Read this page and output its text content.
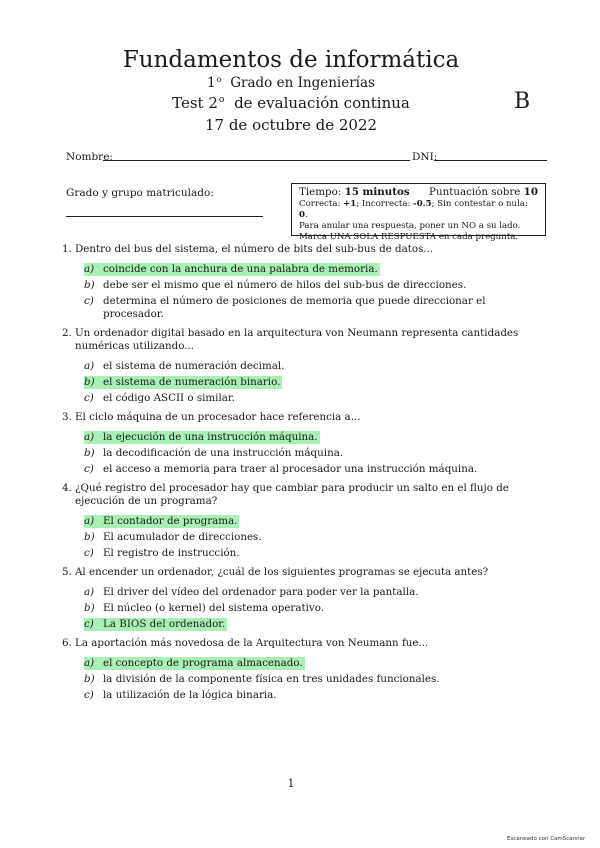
Fundamentos de informática
1$^o$ Grado en Ingenierías
Test 2$^o$ de evaluación continua
17 de octubre de 2022
B
Nombre:	DNI:
Grado y grupo matriculado:	Tiempo: 15 minutos Puntuación sobre 10
Correcta: +1; Incorrecta: -0.5; Sin contestar o nula: 0.
Para anular una respuesta, poner un NO a su lado.
Marca UNA SOLA RESPUESTA en cada pregunta.
1. Dentro del bus del sistema, el número de bits del sub-bus de datos...
a) coincide con la anchura de una palabra de memoria.
b) debe ser el mismo que el número de hilos del sub-bus de direcciones.
c) determina el número de posiciones de memoria que puede direccionar el procesador.
2. Un ordenador digital basado en la arquitectura von Neumann representa cantidades numéricas utilizando...
a) el sistema de numeración decimal.
b) el sistema de numeración binario.
c) el código ASCII o similar.
3. El ciclo máquina de un procesador hace referencia a...
a) la ejecución de una instrucción máquina.
b) la decodificación de una instrucción máquina.
c) el acceso a memoria para traer al procesador una instrucción máquina.
4. ¿Qué registro del procesador hay que cambiar para producir un salto en el flujo de ejecución de un programa?
a) El contador de programa.
b) El acumulador de direcciones.
c) El registro de instrucción.
5. Al encender un ordenador, ¿cuál de los siguientes programas se ejecuta antes?
a) El driver del vídeo del ordenador para poder ver la pantalla.
b) El núcleo (o kernel) del sistema operativo.
c) La BIOS del ordenador.
6. La aportación más novedosa de la Arquitectura von Neumann fue...
a) el concepto de programa almacenado.
b) la división de la componente física en tres unidades funcionales.
c) la utilización de la lógica binaria.
1
Escaneado con CamScanner
